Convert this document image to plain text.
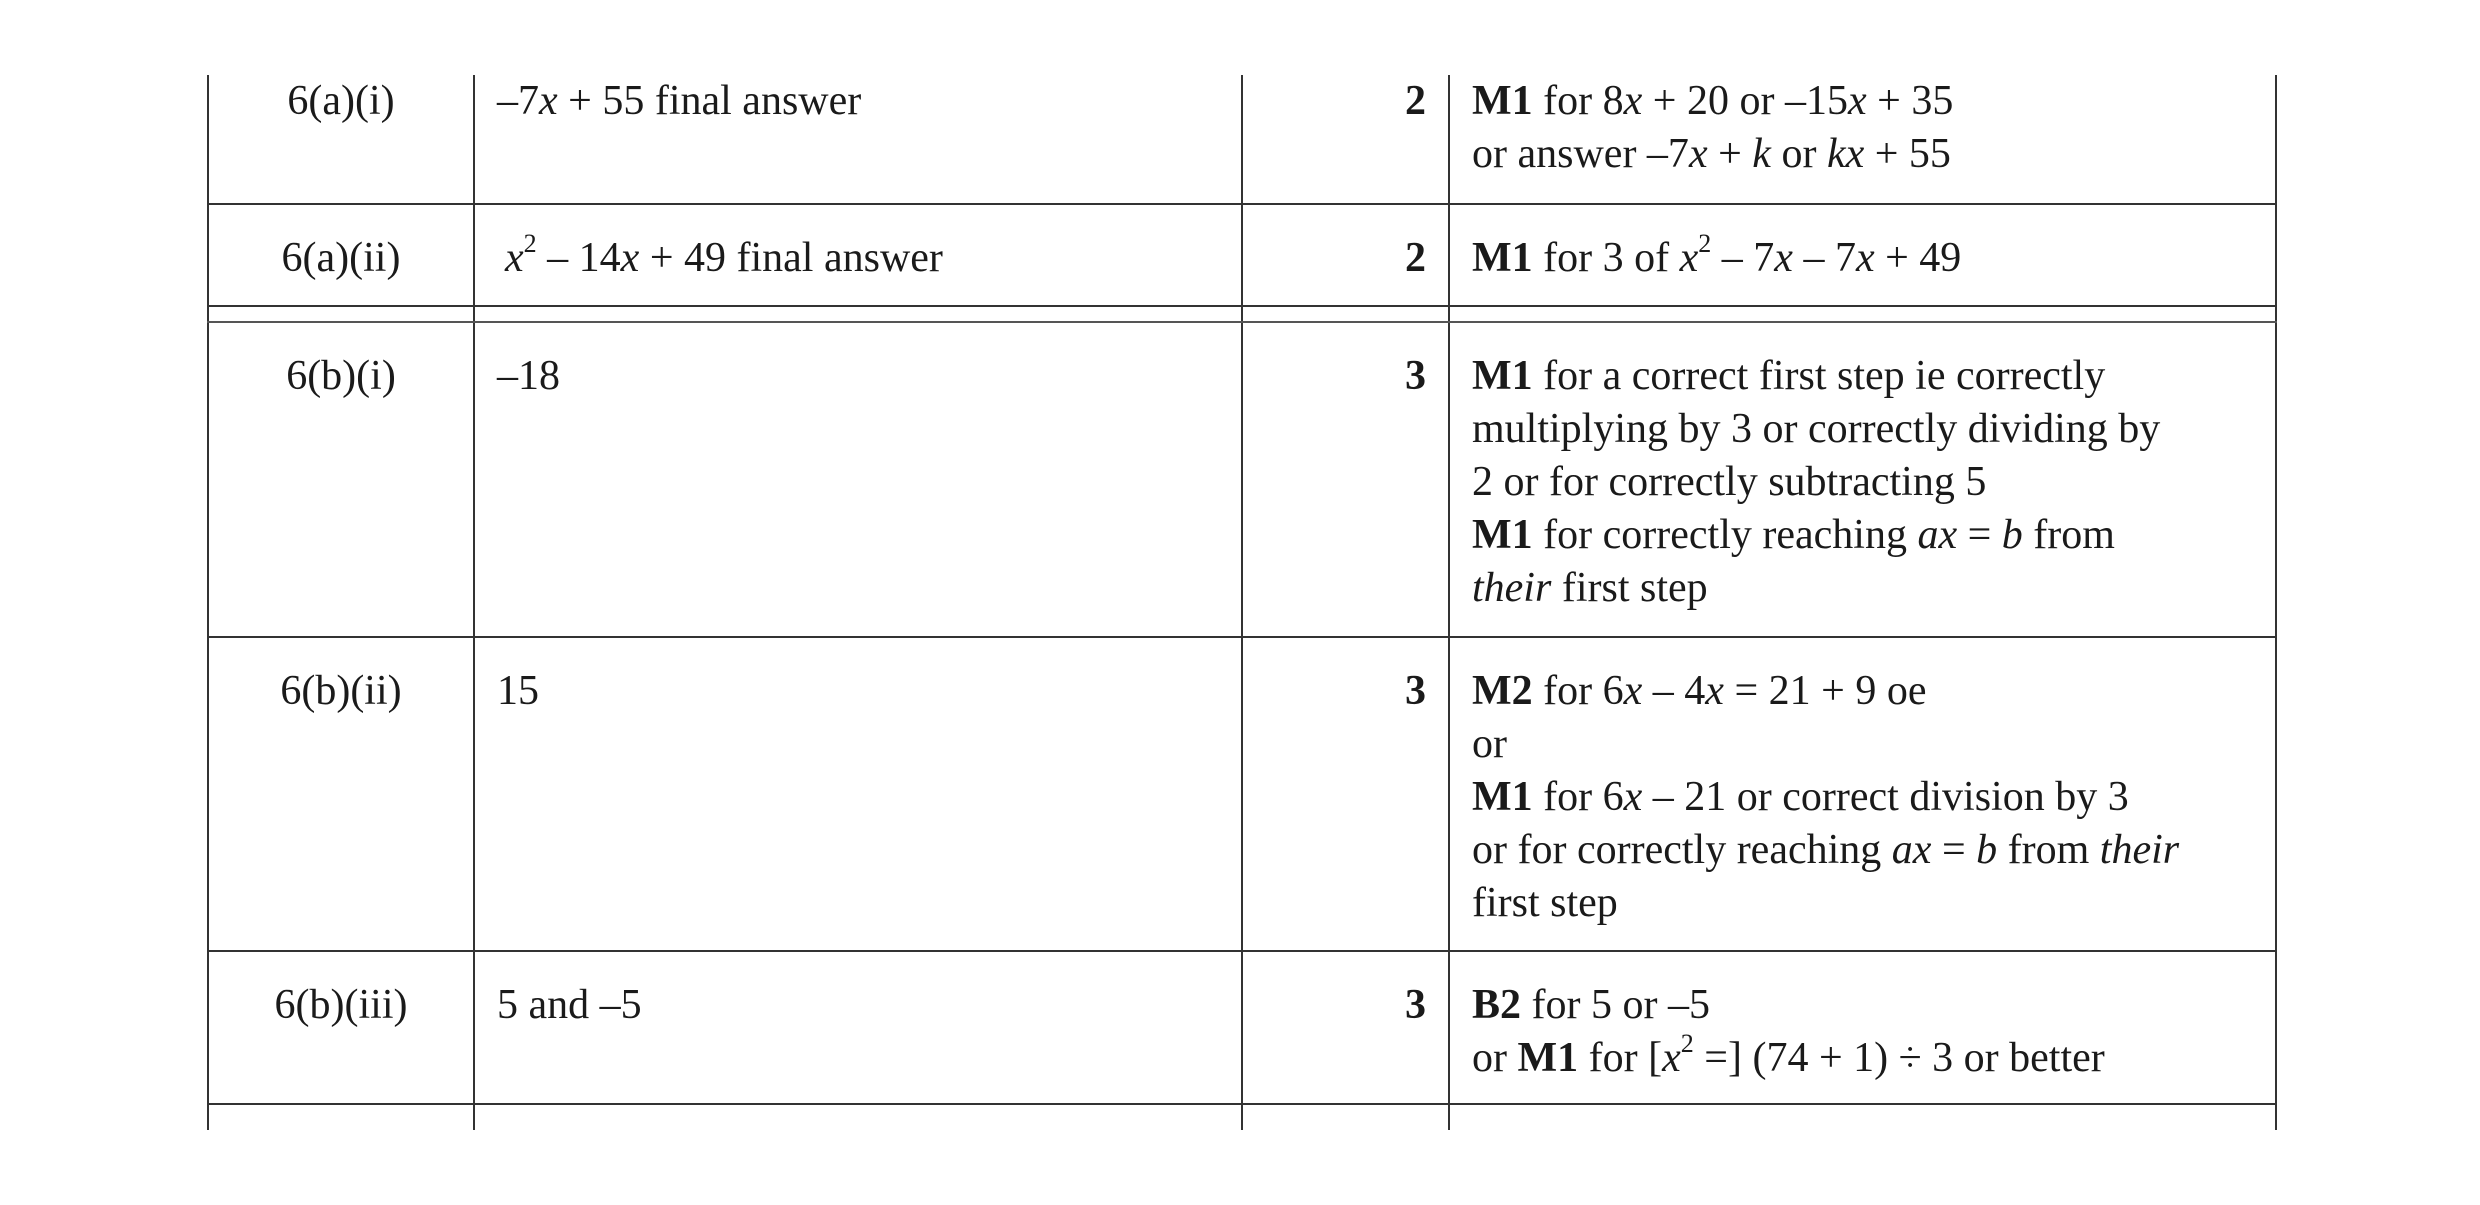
6(a)(i)	–7x + 55 final answer	2 M1 for 8x + 20 or –15x + 35
or answer –7x + k or kx + 55
6(a)(ii)	$x^2 - 14x + 49$ final answer	2 M1 for 3 of $x^2 - 7x - 7x + 49$
6(b)(i)	–18	3 M1 for a correct first step ie correctly
multiplying by 3 or correctly dividing by
2 or for correctly subtracting 5
M1 for correctly reaching ax = b from
their first step
6(b)(ii)	15	3 M2 for 6x – 4x = 21 + 9 oe
or
M1 for 6x – 21 or correct division by 3
or for correctly reaching ax = b from their
first step
6(b)(iii)	5 and –5	3 B2 for 5 or –5
or M1 for [$x^2$ =] (74 + 1) ÷ 3 or better
